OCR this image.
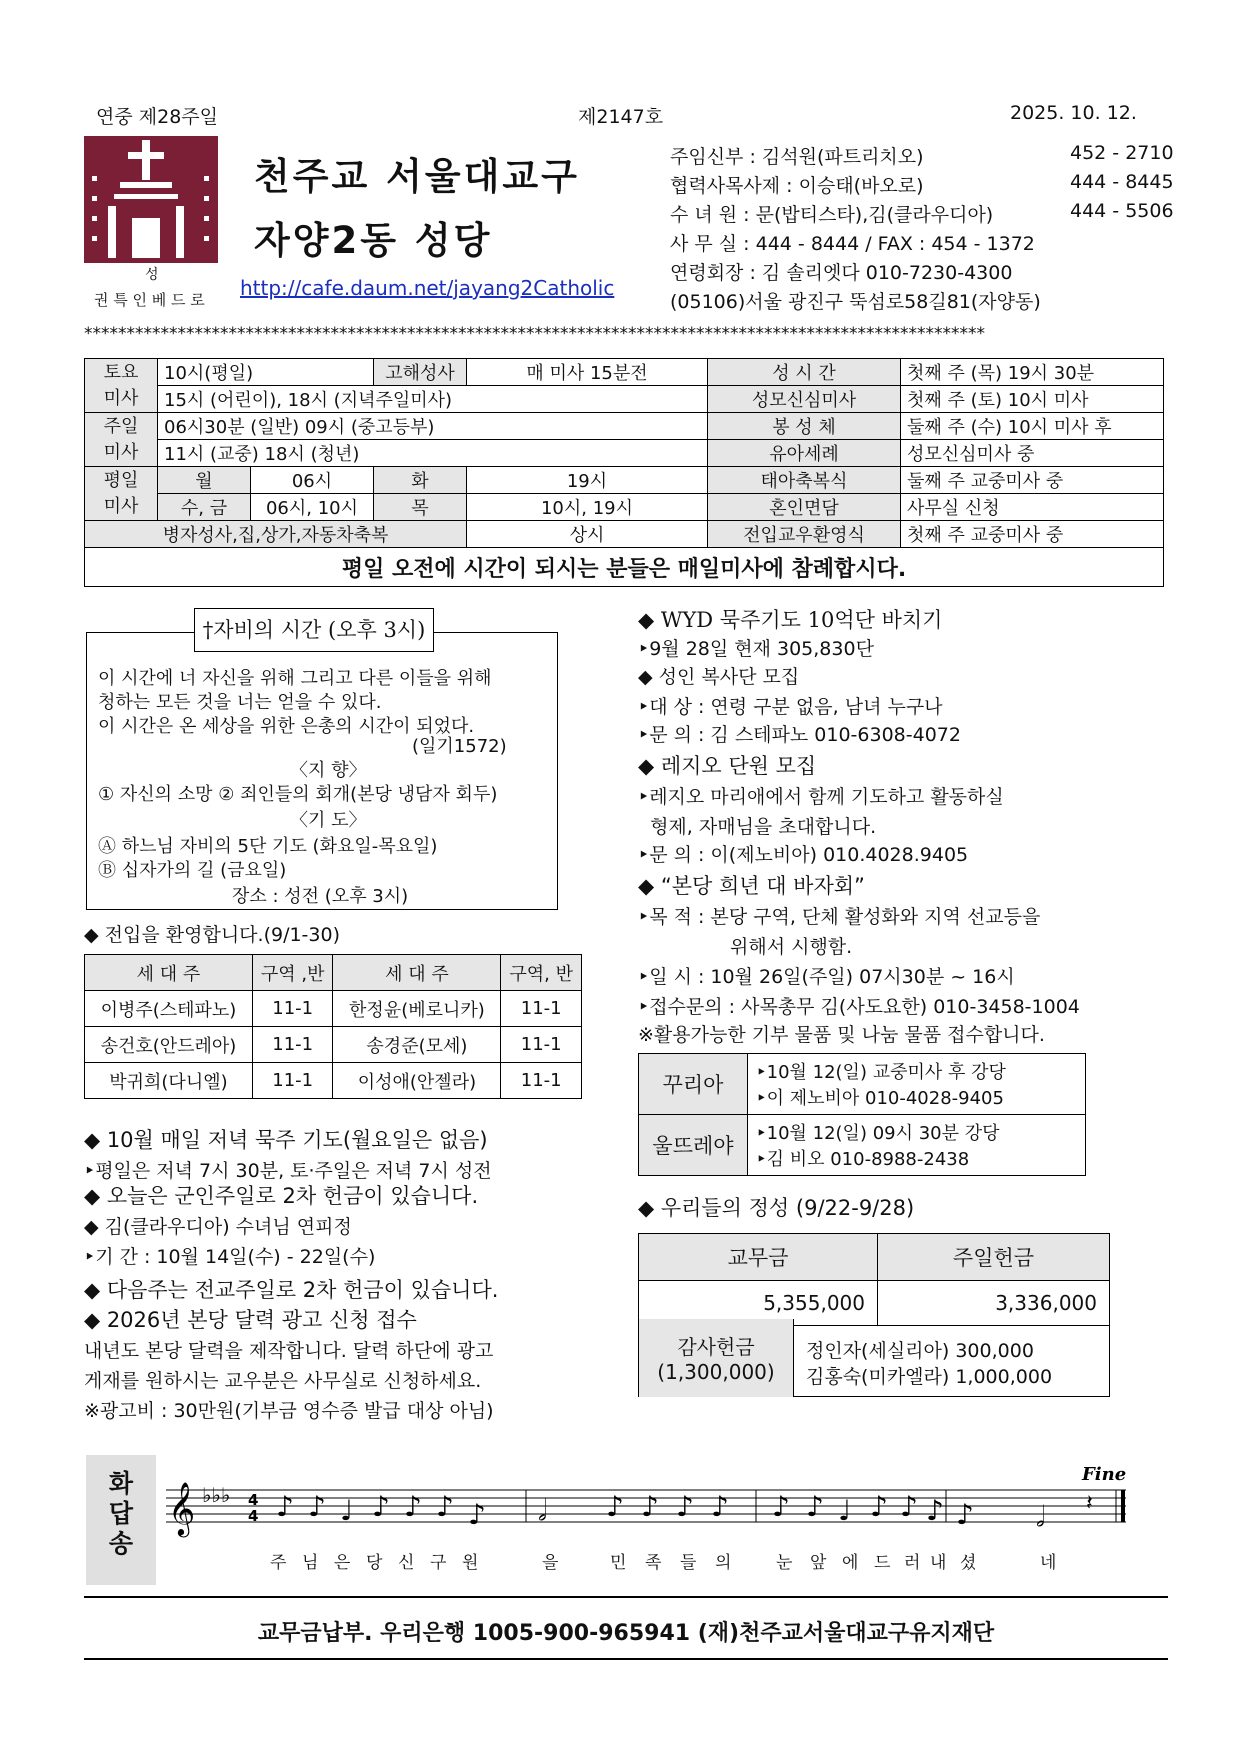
연중 제28주일	제2147호	2025. 10. 12.
성
권 특 인 베 드 로
천주교 서울대교구
자양2동 성당
http://cafe.daum.net/jayang2Catholic
주임신부 : 김석원(파트리치오)	452 - 2710
협력사목사제 : 이승태(바오로)	444 - 8445
수 녀 원 : 문(밥티스타),김(클라우디아)	444 - 5506
사 무 실 : 444 - 8444 / FAX : 454 - 1372
연령회장 : 김 솔리엣다 010-7230-4300
(05106)서울 광진구 뚝섬로58길81(자양동)
**********************************************************************************************************
토요
미사	10시(평일)		고해성사	매 미사 15분전	성 시 간	첫째 주 (목) 19시 30분
	15시 (어린이), 18시 (지녁주일미사)				성모신심미사	첫째 주 (토) 10시 미사
주일
미사	06시30분 (일반) 09시 (중고등부)				봉 성 체	둘째 주 (수) 10시 미사 후
	11시 (교중) 18시 (청년)				유아세례	성모신심미사 중
평일
미사	월	06시	화	19시	태아축복식	둘째 주 교중미사 중
	수, 금	06시, 10시	목	10시, 19시	혼인면담	사무실 신청
병자성사,집,상가,자동차축복				상시	전입교우환영식	첫째 주 교중미사 중
평일 오전에 시간이 되시는 분들은 매일미사에 참례합시다.						
†자비의 시간 (오후 3시)
이 시간에 너 자신을 위해 그리고 다른 이들을 위해
청하는 모든 것을 너는 얻을 수 있다.
이 시간은 온 세상을 위한 은총의 시간이 되었다.
(일기1572)
〈지 향〉
① 자신의 소망 ② 죄인들의 회개(본당 냉담자 회두)
〈기 도〉
Ⓐ 하느님 자비의 5단 기도 (화요일-목요일)
Ⓑ 십자가의 길 (금요일)
장소 : 성전 (오후 3시)
◆ 전입을 환영합니다.(9/1-30)
세 대 주	구역 ,반	세 대 주	구역, 반
이병주(스테파노)	11-1	한정윤(베로니카)	11-1
송건호(안드레아)	11-1	송경준(모세)	11-1
박귀희(다니엘)	11-1	이성애(안젤라)	11-1
◆ 10월 매일 저녁 묵주 기도(월요일은 없음)
‣평일은 저녁 7시 30분, 토·주일은 저녁 7시 성전
◆ 오늘은 군인주일로 2차 헌금이 있습니다.
◆ 김(클라우디아) 수녀님 연피정
‣기 간 : 10월 14일(수) - 22일(수)
◆ 다음주는 전교주일로 2차 헌금이 있습니다.
◆ 2026년 본당 달력 광고 신청 접수
내년도 본당 달력을 제작합니다. 달력 하단에 광고
게재를 원하시는 교우분은 사무실로 신청하세요.
※광고비 : 30만원(기부금 영수증 발급 대상 아님)
◆ WYD 묵주기도 10억단 바치기
‣9월 28일 현재 305,830단
◆ 성인 복사단 모집
‣대 상 : 연령 구분 없음, 남녀 누구나
‣문 의 : 김 스테파노 010-6308-4072
◆ 레지오 단원 모집
‣레지오 마리애에서 함께 기도하고 활동하실
형제, 자매님을 초대합니다.
‣문 의 : 이(제노비아) 010.4028.9405
◆ “본당 희년 대 바자회”
‣목 적 : 본당 구역, 단체 활성화와 지역 선교등을
위해서 시행함.
‣일 시 : 10월 26일(주일) 07시30분 ~ 16시
‣접수문의 : 사목총무 김(사도요한) 010-3458-1004
※활용가능한 기부 물품 및 나눔 물품 접수합니다.
꾸리아	‣10월 12(일) 교중미사 후 강당
‣이 제노비아 010-4028-9405

울뜨레야	‣10월 12(일) 09시 30분 강당
‣김 비오 010-8988-2438
◆ 우리들의 정성 (9/22-9/28)
교무금	주일헌금
5,355,000	3,336,000
감사헌금
(1,300,000)
정인자(세실리아) 300,000
김홍숙(미카엘라) 1,000,000
화답송
𝄞 ♭♭♭ 4
4 ♪ ♪ ♩ ♪ ♪ ♪ ♪ 𝅗𝅥 ♪ ♪ ♪ ♪ ♪ ♪ ♩ ♪ ♪ ♪ ♪ 𝅗𝅥 𝄽
Fine
주 님 은 당 신 구 원	을	민 족 들 의	눈 앞 에 드 러 내 셨	네
교무금납부. 우리은행 1005-900-965941 (재)천주교서울대교구유지재단
